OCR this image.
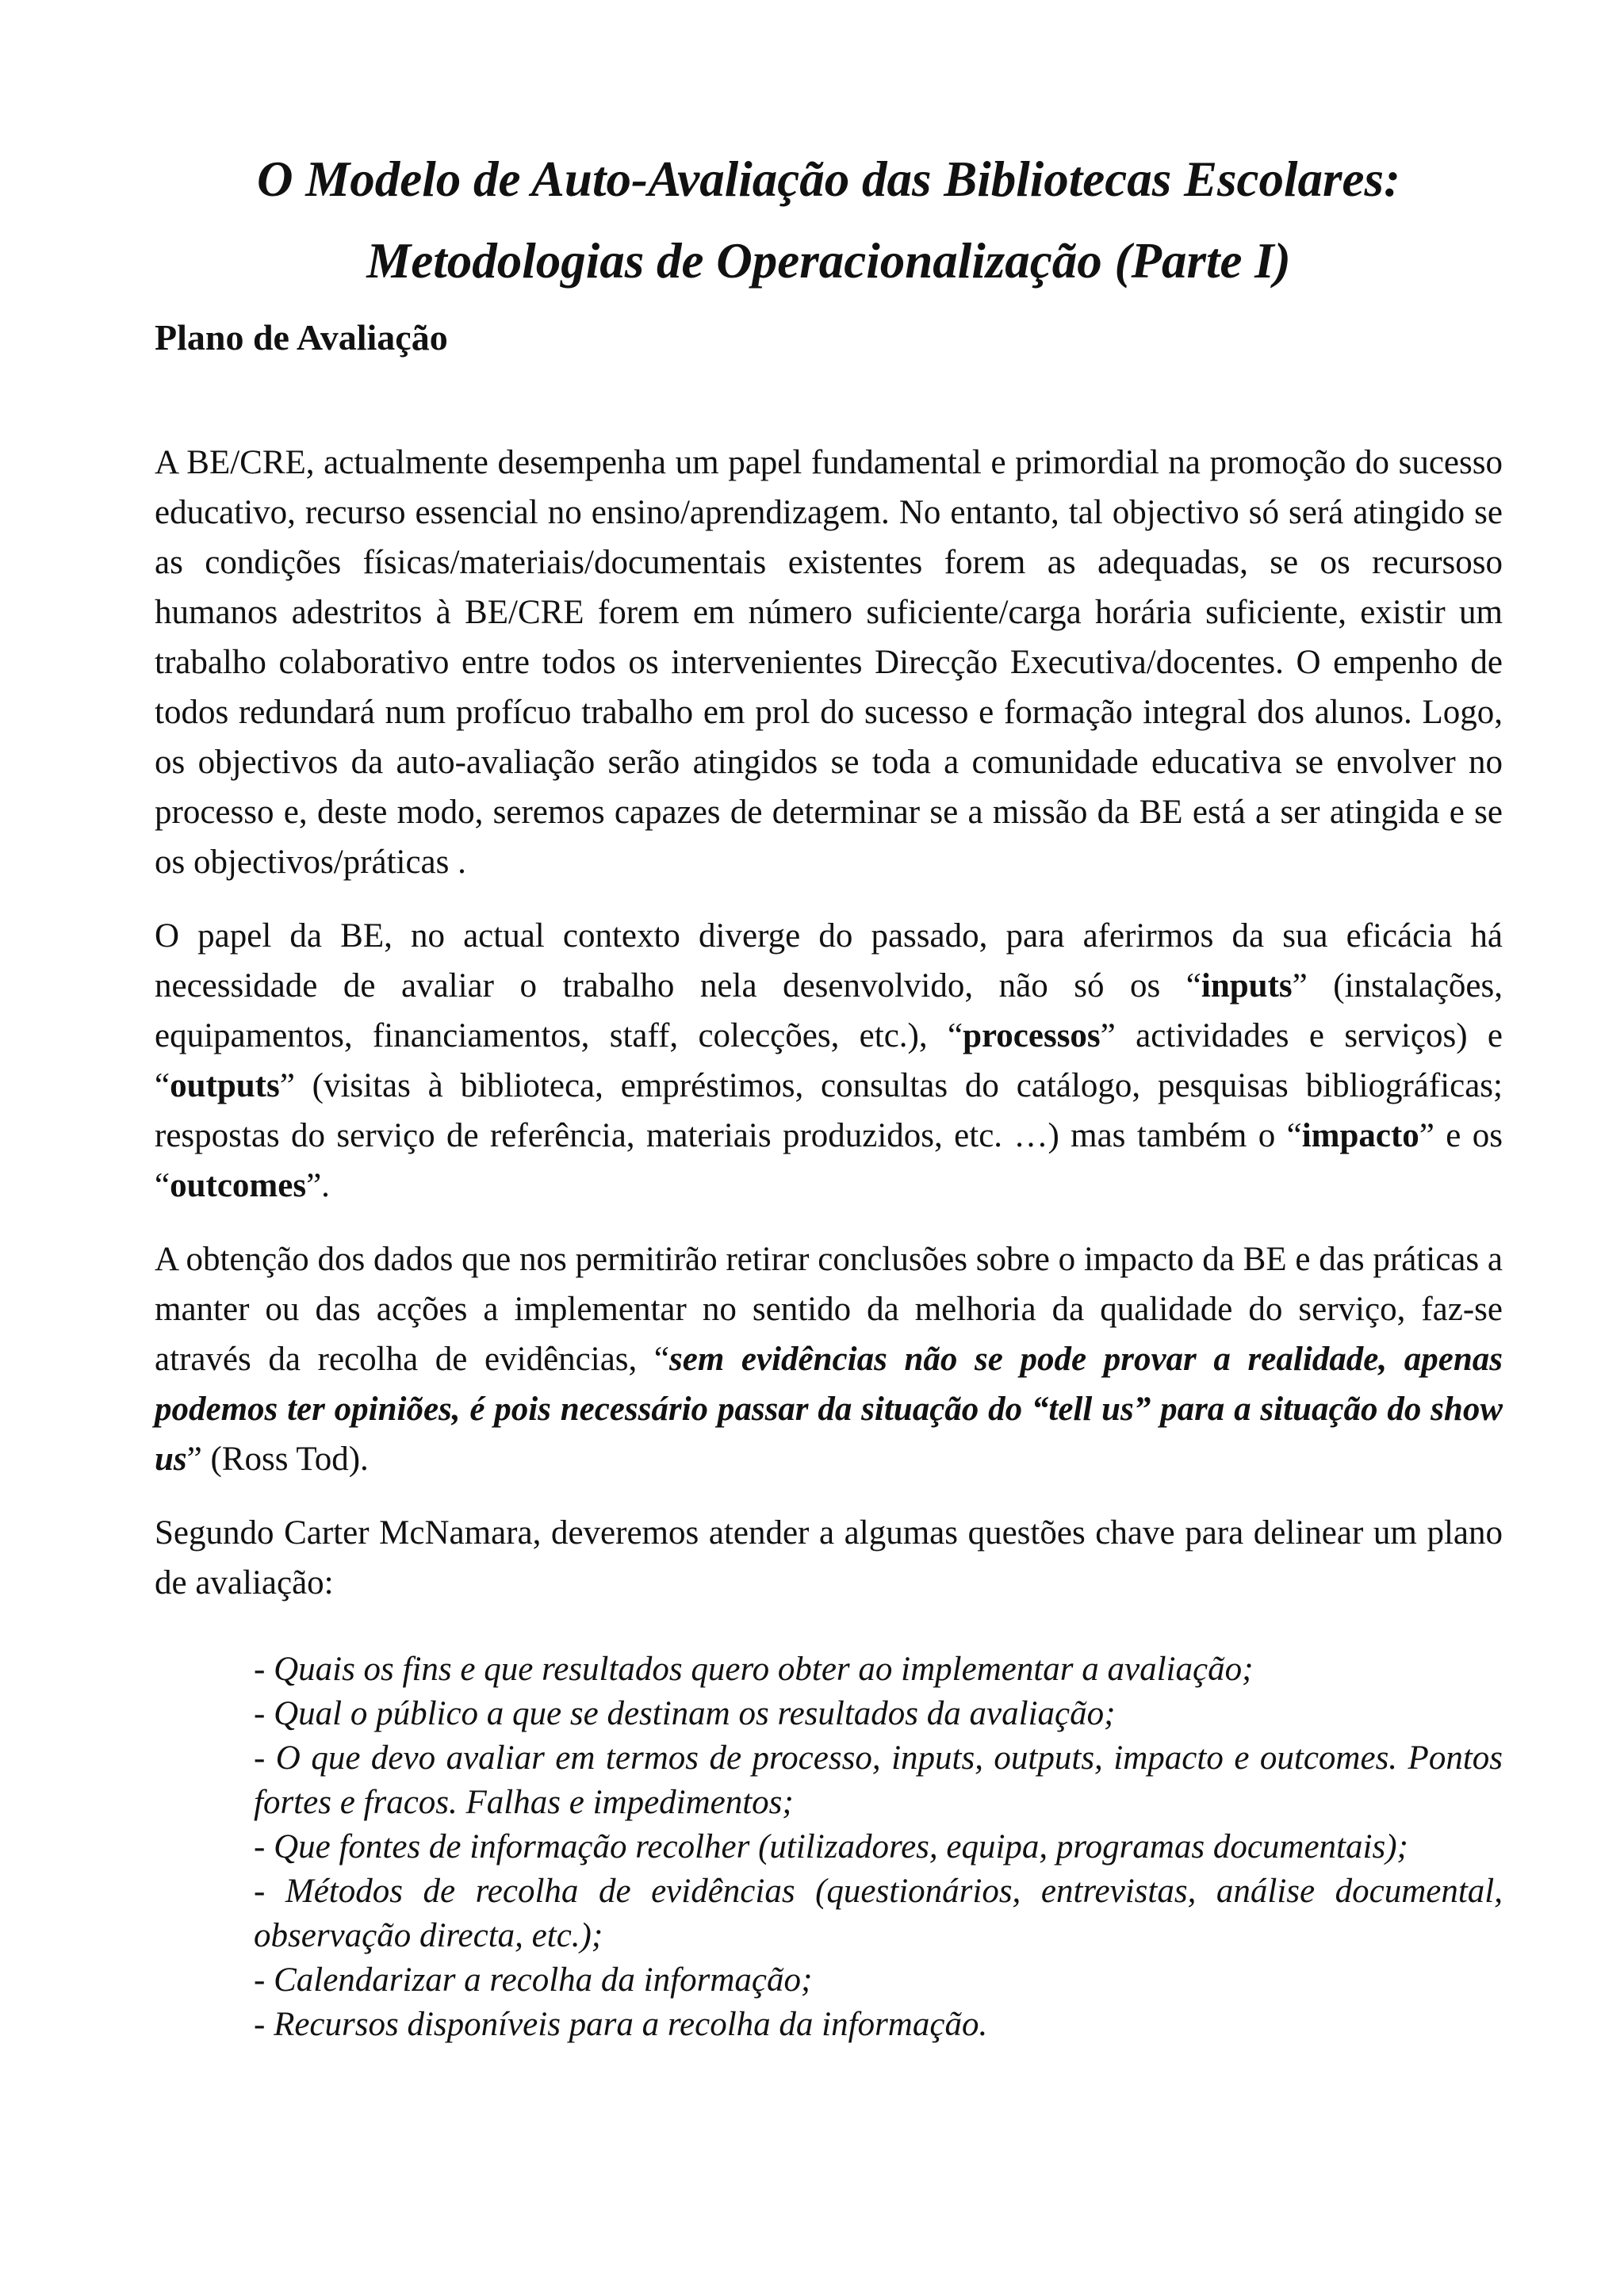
O Modelo de Auto-Avaliação das Bibliotecas Escolares:
Metodologias de Operacionalização (Parte I)
Plano de Avaliação

A BE/CRE, actualmente desempenha um papel fundamental e primordial na promoção do sucesso educativo, recurso essencial no ensino/aprendizagem. No entanto, tal objectivo só será atingido se as condições físicas/materiais/documentais existentes forem as adequadas, se os recursoso humanos adestritos à BE/CRE forem em número suficiente/carga horária suficiente, existir um trabalho colaborativo entre todos os intervenientes Direcção Executiva/docentes. O empenho de todos redundará num profícuo trabalho em prol do sucesso e formação integral dos alunos. Logo, os objectivos da auto-avaliação serão atingidos se toda a comunidade educativa se envolver no processo e, deste modo, seremos capazes de determinar se a missão da BE está a ser atingida e se os objectivos/práticas .

O papel da BE, no actual contexto diverge do passado, para aferirmos da sua eficácia há necessidade de avaliar o trabalho nela desenvolvido, não só os “inputs” (instalações, equipamentos, financiamentos, staff, colecções, etc.), “processos” actividades e serviços) e “outputs” (visitas à biblioteca, empréstimos, consultas do catálogo, pesquisas bibliográficas; respostas do serviço de referência, materiais produzidos, etc. …) mas também o “impacto” e os “outcomes”.

A obtenção dos dados que nos permitirão retirar conclusões sobre o impacto da BE e das práticas a manter ou das acções a implementar no sentido da melhoria da qualidade do serviço, faz-se através da recolha de evidências, “sem evidências não se pode provar a realidade, apenas podemos ter opiniões, é pois necessário passar da situação do “tell us” para a situação do show us” (Ross Tod).

Segundo Carter McNamara, deveremos atender a algumas questões chave para delinear um plano de avaliação:

- Quais os fins e que resultados quero obter ao implementar a avaliação;
- Qual o público a que se destinam os resultados da avaliação;
- O que devo avaliar em termos de processo, inputs, outputs, impacto e outcomes. Pontos fortes e fracos. Falhas e impedimentos;
- Que fontes de informação recolher (utilizadores, equipa, programas documentais);
- Métodos de recolha de evidências (questionários, entrevistas, análise documental, observação directa, etc.);
- Calendarizar a recolha da informação;
- Recursos disponíveis para a recolha da informação.
